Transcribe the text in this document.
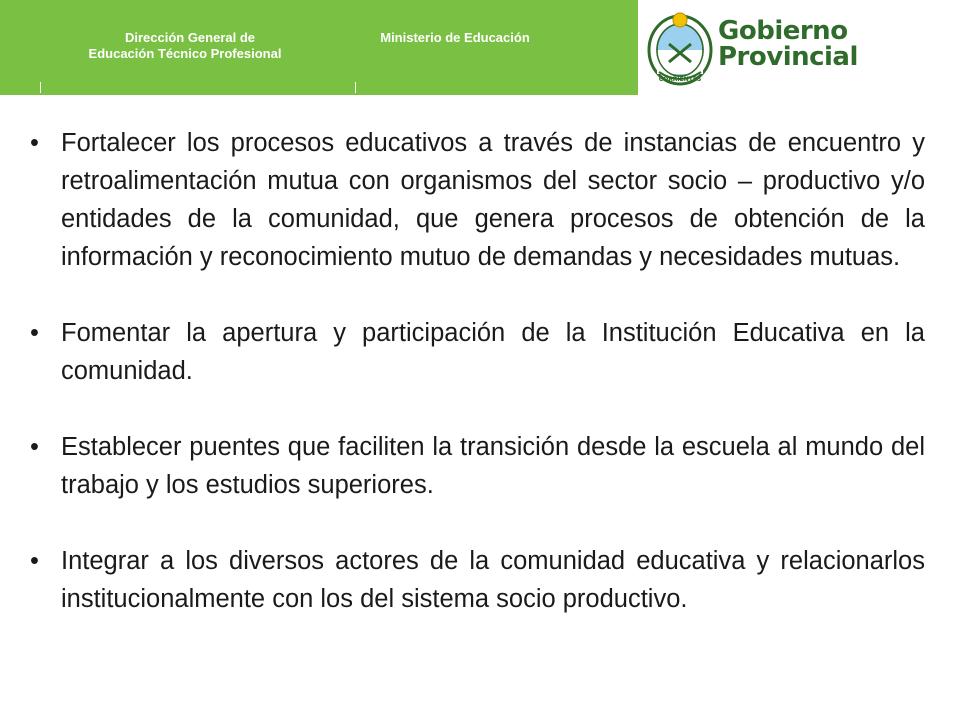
Dirección General de
Educación Técnico Profesional
Ministerio de Educación
CORRIENTES
Gobierno
Provincial
• Fortalecer los procesos educativos a través de instancias de encuentro y retroalimentación mutua con organismos del sector socio – productivo y/o entidades de la comunidad, que genera procesos de obtención de la información y reconocimiento mutuo de demandas y necesidades mutuas.
• Fomentar la apertura y participación de la Institución Educativa en la comunidad.
• Establecer puentes que faciliten la transición desde la escuela al mundo del trabajo y los estudios superiores.
• Integrar a los diversos actores de la comunidad educativa y relacionarlos institucionalmente con los del sistema socio productivo.
